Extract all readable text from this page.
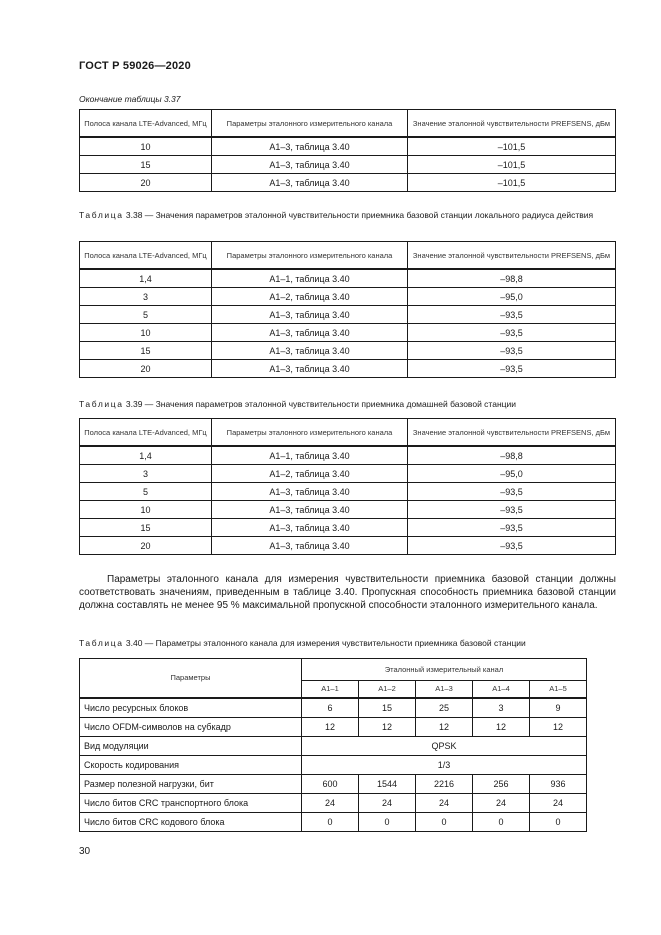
ГОСТ Р 59026—2020
Окончание таблицы 3.37
Полоса канала LTE-Advanced, МГц	Параметры эталонного измерительного канала	Значение эталонной чувствительности PREFSENS, дБм
10	А1–3, таблица 3.40	–101,5
15	А1–3, таблица 3.40	–101,5
20	А1–3, таблица 3.40	–101,5
Таблица 3.38 — Значения параметров эталонной чувствительности приемника базовой станции локального радиуса действия
Полоса канала LTE-Advanced, МГц	Параметры эталонного измерительного канала	Значение эталонной чувствительности PREFSENS, дБм
1,4	А1–1, таблица 3.40	–98,8
3	А1–2, таблица 3.40	–95,0
5	А1–3, таблица 3.40	–93,5
10	А1–3, таблица 3.40	–93,5
15	А1–3, таблица 3.40	–93,5
20	А1–3, таблица 3.40	–93,5
Таблица 3.39 — Значения параметров эталонной чувствительности приемника домашней базовой станции
Полоса канала LTE-Advanced, МГц	Параметры эталонного измерительного канала	Значение эталонной чувствительности PREFSENS, дБм
1,4	А1–1, таблица 3.40	–98,8
3	А1–2, таблица 3.40	–95,0
5	А1–3, таблица 3.40	–93,5
10	А1–3, таблица 3.40	–93,5
15	А1–3, таблица 3.40	–93,5
20	А1–3, таблица 3.40	–93,5
Параметры эталонного канала для измерения чувствительности приемника базовой станции должны соответствовать значениям, приведенным в таблице 3.40. Пропускная способность приемника базовой станции должна составлять не менее 95 % максимальной пропускной способности эталонного измерительного канала.
Таблица 3.40 — Параметры эталонного канала для измерения чувствительности приемника базовой станции
Параметры	Эталонный измерительный канал				
	А1–1	А1–2	А1–3	А1–4	А1–5
Число ресурсных блоков	6	15	25	3	9
Число OFDM-символов на субкадр	12	12	12	12	12
Вид модуляции	QPSK				
Скорость кодирования	1/3				
Размер полезной нагрузки, бит	600	1544	2216	256	936
Число битов CRC транспортного блока	24	24	24	24	24
Число битов CRC кодового блока	0	0	0	0	0
30
